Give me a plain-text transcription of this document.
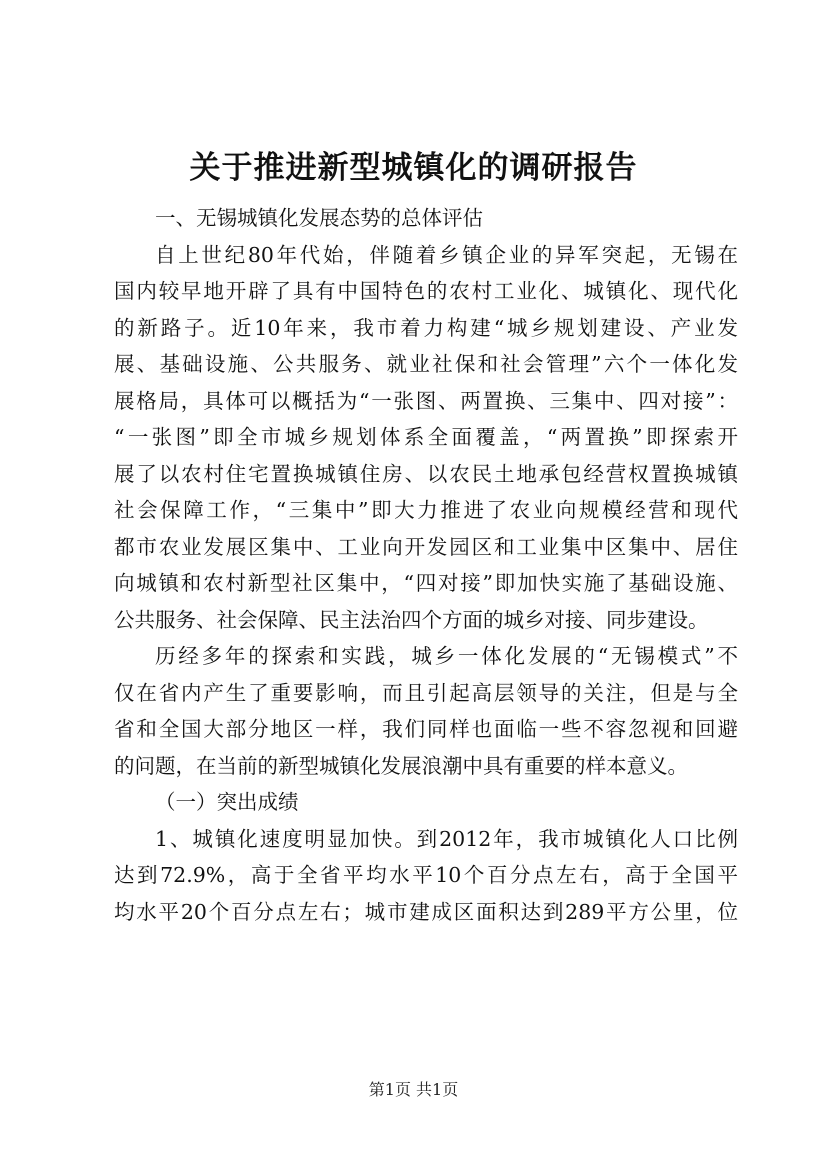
关于推进新型城镇化的调研报告
一、无锡城镇化发展态势的总体评估
自上世纪80年代始，伴随着乡镇企业的异军突起，无锡在
国内较早地开辟了具有中国特色的农村工业化、城镇化、现代化
的新路子。近10年来，我市着力构建“城乡规划建设、产业发
展、基础设施、公共服务、就业社保和社会管理”六个一体化发
展格局，具体可以概括为“一张图、两置换、三集中、四对接”：
“一张图”即全市城乡规划体系全面覆盖，“两置换”即探索开
展了以农村住宅置换城镇住房、以农民土地承包经营权置换城镇
社会保障工作，“三集中”即大力推进了农业向规模经营和现代
都市农业发展区集中、工业向开发园区和工业集中区集中、居住
向城镇和农村新型社区集中，“四对接”即加快实施了基础设施、
公共服务、社会保障、民主法治四个方面的城乡对接、同步建设。
历经多年的探索和实践，城乡一体化发展的“无锡模式”不
仅在省内产生了重要影响，而且引起高层领导的关注，但是与全
省和全国大部分地区一样，我们同样也面临一些不容忽视和回避
的问题，在当前的新型城镇化发展浪潮中具有重要的样本意义。
（一）突出成绩
1、城镇化速度明显加快。到2012年，我市城镇化人口比例
达到72.9%，高于全省平均水平10个百分点左右，高于全国平
均水平20个百分点左右；城市建成区面积达到289平方公里，位
第1页 共1页
